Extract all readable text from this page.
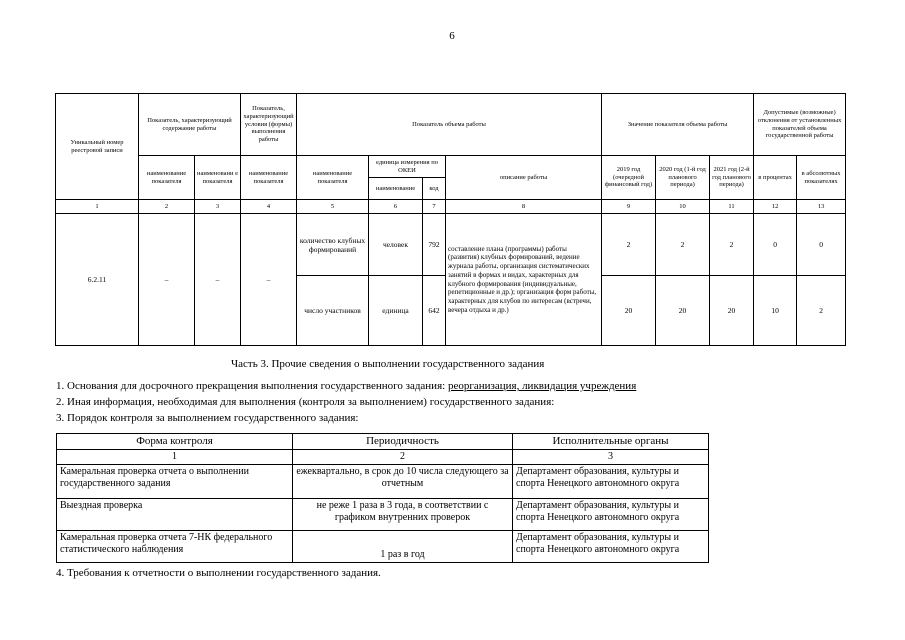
6
Уникальный номер реестровой записи	Показатель, характеризующий содержание работы		Показатель, характеризующий условия (формы) выполнения работы	Показатель объема работы				Значение показателя объема работы			Допустимые (возможные) отклонения от установленных показателей объема государственной работы	
	наименование показателя	наименовани е показателя	наименование показателя	наименование показателя	единица измерения по ОКЕИ		описание работы	2019 год (очередной финансовый год)	2020 год (1-й год планового периода)	2021 год (2-й год планового периода)	в процентах	в абсолютных показателях
					наименование	код						
1	2	3	4	5	6	7	8	9	10	11	12	13
6.2.11	–	–	–	количество клубных формирований	человек	792	составление плана (программы) работы (развития) клубных формирований, ведение журнала работы, организация систематических занятий в формах и видах, характерных для клубного формирования (индивидуальные, репетиционные и др.); организация форм работы, характерных для клубов по интересам (встречи, вечера отдыха и др.)	2	2	2	0	0
				число участников	единица	642		20	20	20	10	2
Часть 3. Прочие сведения о выполнении государственного задания
1. Основания для досрочного прекращения выполнения государственного задания: реорганизация, ликвидация учреждения
2. Иная информация, необходимая для выполнения (контроля за выполнением) государственного задания:
3. Порядок контроля за выполнением государственного задания:
Форма контроля	Периодичность	Исполнительные органы
1	2	3
Камеральная проверка отчета о выполнении государственного задания	ежеквартально, в срок до 10 числа следующего за отчетным	Департамент образования, культуры и спорта Ненецкого автономного округа
Выездная проверка	не реже 1 раза в 3 года, в соответствии с графиком внутренних проверок	Департамент образования, культуры и спорта Ненецкого автономного округа
Камеральная проверка отчета 7-НК федерального статистического наблюдения	1 раз в год	Департамент образования, культуры и спорта Ненецкого автономного округа
4. Требования к отчетности о выполнении государственного задания.
